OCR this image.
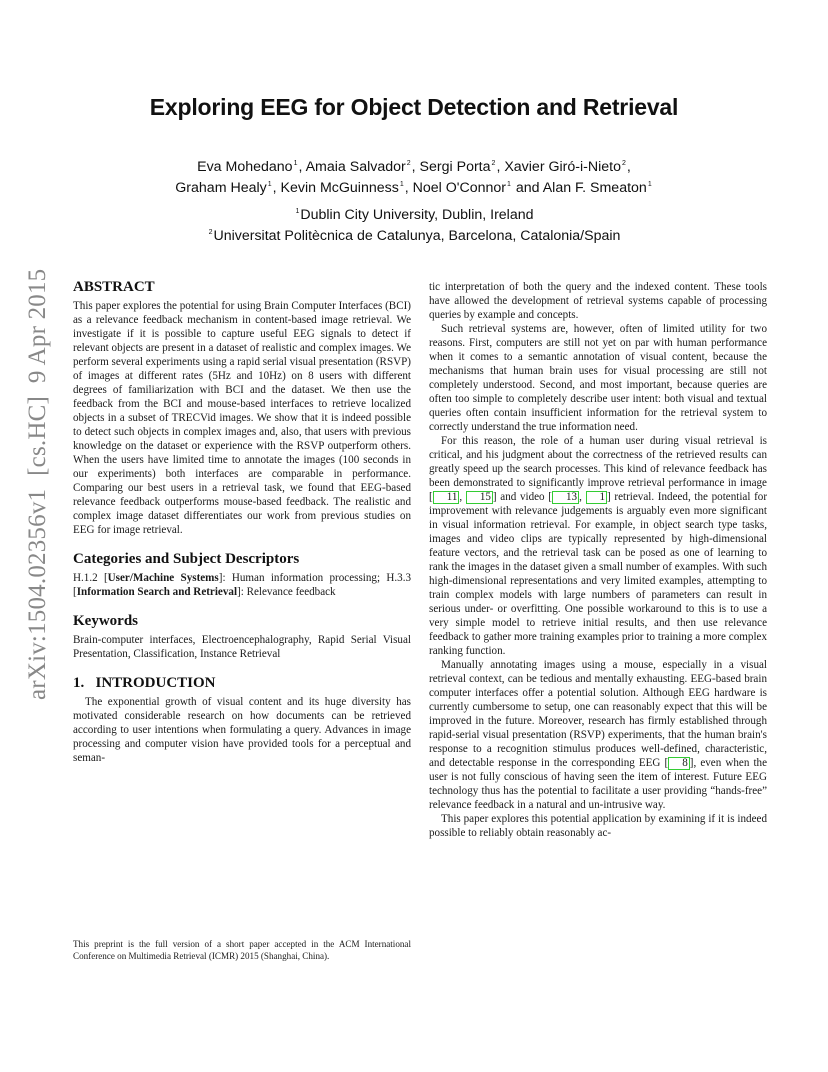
arXiv:1504.02356v1  [cs.HC]  9 Apr 2015
Exploring EEG for Object Detection and Retrieval
Eva Mohedano$^1$, Amaia Salvador$^2$, Sergi Porta$^2$, Xavier Giró-i-Nieto$^2$,
Graham Healy$^1$, Kevin McGuinness$^1$, Noel O'Connor$^1$ and Alan F. Smeaton$^1$
$^1$Dublin City University, Dublin, Ireland
$^2$Universitat Politècnica de Catalunya, Barcelona, Catalonia/Spain
ABSTRACT

This paper explores the potential for using Brain Computer Interfaces (BCI) as a relevance feedback mechanism in content-based image retrieval. We investigate if it is possible to capture useful EEG signals to detect if relevant objects are present in a dataset of realistic and complex images. We perform several experiments using a rapid serial visual presentation (RSVP) of images at different rates (5Hz and 10Hz) on 8 users with different degrees of familiarization with BCI and the dataset. We then use the feedback from the BCI and mouse-based interfaces to retrieve localized objects in a subset of TRECVid images. We show that it is indeed possible to detect such objects in complex images and, also, that users with previous knowledge on the dataset or experience with the RSVP outperform others. When the users have limited time to annotate the images (100 seconds in our experiments) both interfaces are comparable in performance. Comparing our best users in a retrieval task, we found that EEG-based relevance feedback outperforms mouse-based feedback. The realistic and complex image dataset differentiates our work from previous studies on EEG for image retrieval.

Categories and Subject Descriptors

H.1.2 [User/Machine Systems]: Human information processing; H.3.3 [Information Search and Retrieval]: Relevance feedback

Keywords

Brain-computer interfaces, Electroencephalography, Rapid Serial Visual Presentation, Classification, Instance Retrieval

1.   INTRODUCTION

The exponential growth of visual content and its huge diversity has motivated considerable research on how documents can be retrieved according to user intentions when formulating a query. Advances in image processing and computer vision have provided tools for a perceptual and seman-

tic interpretation of both the query and the indexed content. These tools have allowed the development of retrieval systems capable of processing queries by example and concepts.

Such retrieval systems are, however, often of limited utility for two reasons. First, computers are still not yet on par with human performance when it comes to a semantic annotation of visual content, because the mechanisms that human brain uses for visual processing are still not completely understood. Second, and most important, because queries are often too simple to completely describe user intent: both visual and textual queries often contain insufficient information for the retrieval system to correctly understand the true information need.

For this reason, the role of a human user during visual retrieval is critical, and his judgment about the correctness of the retrieved results can greatly speed up the search processes. This kind of relevance feedback has been demonstrated to significantly improve retrieval performance in image [ 11 , 15 ] and video [ 13 , 1 ] retrieval. Indeed, the potential for improvement with relevance judgements is arguably even more significant in visual information retrieval. For example, in object search type tasks, images and video clips are typically represented by high-dimensional feature vectors, and the retrieval task can be posed as one of learning to rank the images in the dataset given a small number of examples. With such high-dimensional representations and very limited examples, attempting to train complex models with large numbers of parameters can result in serious under- or overfitting. One possible workaround to this is to use a very simple model to retrieve initial results, and then use relevance feedback to gather more training examples prior to training a more complex ranking function.

Manually annotating images using a mouse, especially in a visual retrieval context, can be tedious and mentally exhausting. EEG-based brain computer interfaces offer a potential solution. Although EEG hardware is currently cumbersome to setup, one can reasonably expect that this will be improved in the future. Moreover, research has firmly established through rapid-serial visual presentation (RSVP) experiments, that the human brain's response to a recognition stimulus produces well-defined, characteristic, and detectable response in the corresponding EEG [ 8 ], even when the user is not fully conscious of having seen the item of interest. Future EEG technology thus has the potential to facilitate a user providing “hands-free” relevance feedback in a natural and un-intrusive way.

This paper explores this potential application by examining if it is indeed possible to reliably obtain reasonably ac-

This preprint is the full version of a short paper accepted in the ACM International Conference on Multimedia Retrieval (ICMR) 2015 (Shanghai, China).
